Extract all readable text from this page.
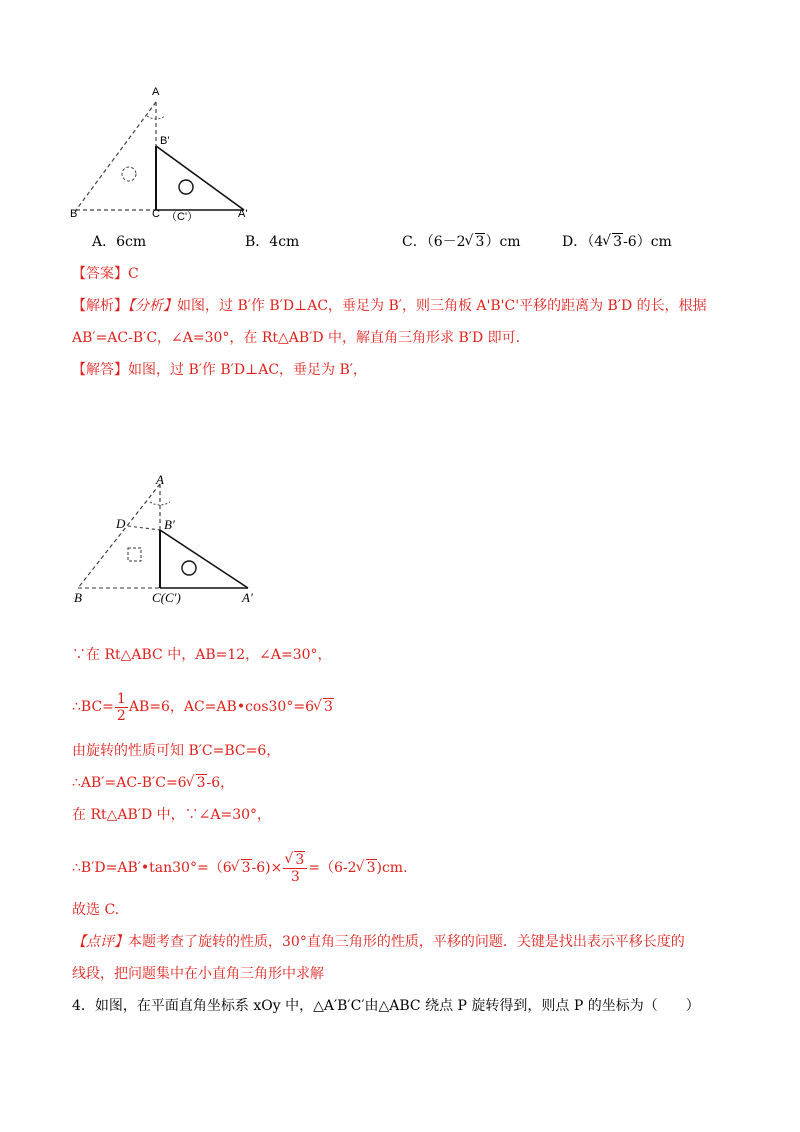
A
B'
B	C （C'）	A'
A．6cm	B．4cm	C．（6－2√ 3）cm	D．（4√ 3-6）cm
【答案】C
【解析】【分析】如图，过 B′作 B′D⊥AC，垂足为 B′，则三角板 A'B'C'平移的距离为 B′D 的长，根据
AB′=AC-B′C，∠A=30°，在 Rt△AB′D 中，解直角三角形求 B′D 即可.
【解答】如图，过 B′作 B′D⊥AC，垂足为 B′，
A
D	B′
B	C(C′)	A′
∵在 Rt△ABC 中，AB=12，∠A=30°，
∴BC= $\frac{1}{2} AB=6$，AC=AB•cos30°=6√ 3
由旋转的性质可知 B′C=BC=6，
∴AB′=AC-B′C=6√ 3-6，
在 Rt△AB′D 中，∵∠A=30°，
∴B′D=AB′•tan30°=（6√ 3-6)×
√ $\frac{3}{3} =(6-2√$ 3)cm.
故选 C.
【点评】本题考查了旋转的性质，30°直角三角形的性质，平移的问题．关键是找出表示平移长度的
线段，把问题集中在小直角三角形中求解
4．如图，在平面直角坐标系 xOy 中，△A′B′C′由△ABC 绕点 P 旋转得到，则点 P 的坐标为（　　）
